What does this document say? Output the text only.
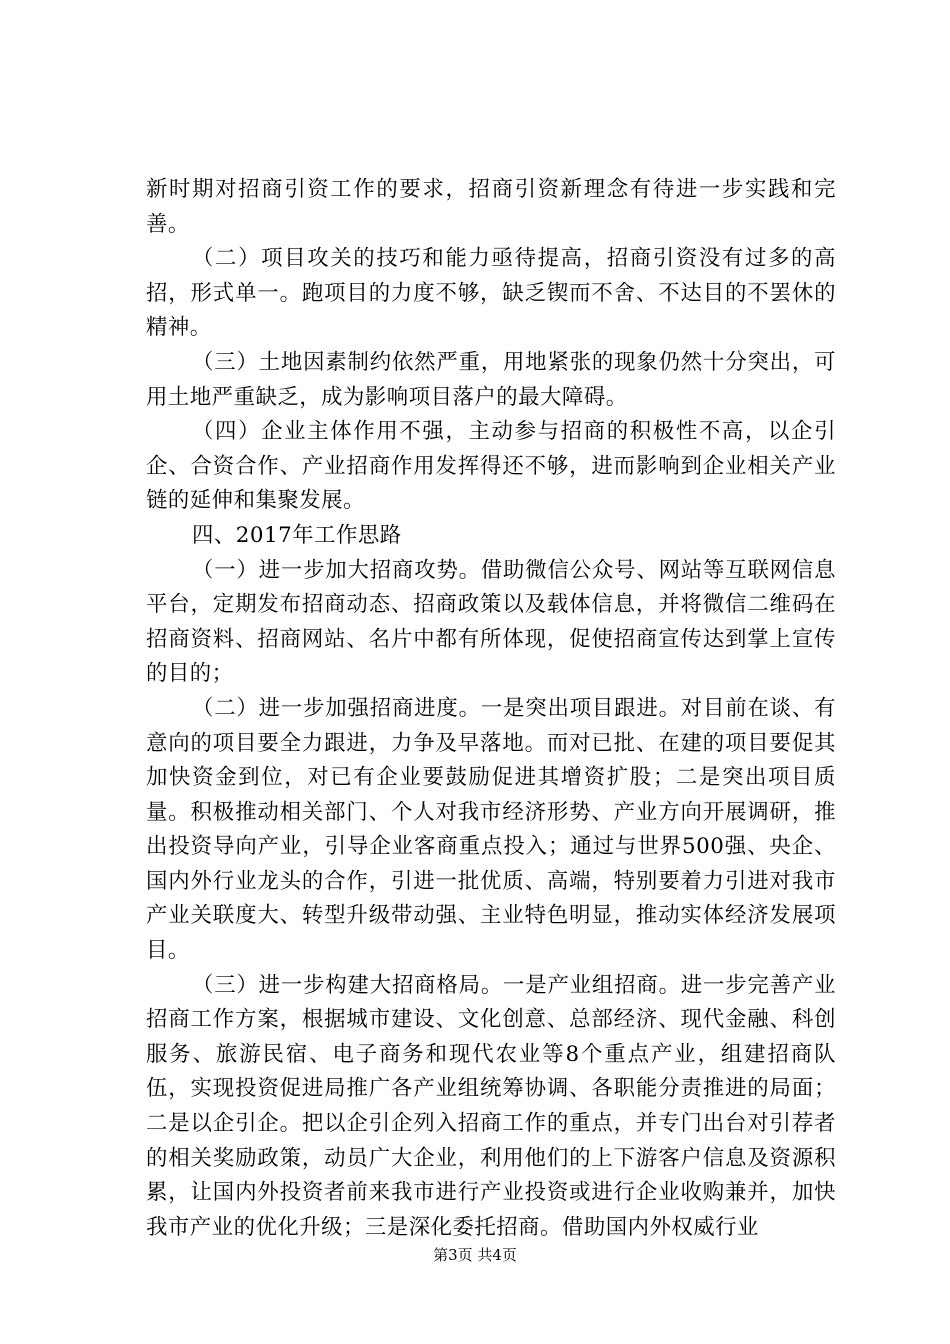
新时期对招商引资工作的要求，招商引资新理念有待进一步实践和完善。

（二）项目攻关的技巧和能力亟待提高，招商引资没有过多的高招，形式单一。跑项目的力度不够，缺乏锲而不舍、不达目的不罢休的精神。

（三）土地因素制约依然严重，用地紧张的现象仍然十分突出，可用土地严重缺乏，成为影响项目落户的最大障碍。

（四）企业主体作用不强，主动参与招商的积极性不高，以企引企、合资合作、产业招商作用发挥得还不够，进而影响到企业相关产业链的延伸和集聚发展。

四、2017年工作思路

（一）进一步加大招商攻势。借助微信公众号、网站等互联网信息平台，定期发布招商动态、招商政策以及载体信息，并将微信二维码在招商资料、招商网站、名片中都有所体现，促使招商宣传达到掌上宣传的目的；

（二）进一步加强招商进度。一是突出项目跟进。对目前在谈、有意向的项目要全力跟进，力争及早落地。而对已批、在建的项目要促其加快资金到位，对已有企业要鼓励促进其增资扩股；二是突出项目质量。积极推动相关部门、个人对我市经济形势、产业方向开展调研，推出投资导向产业，引导企业客商重点投入；通过与世界500强、央企、国内外行业龙头的合作，引进一批优质、高端，特别要着力引进对我市产业关联度大、转型升级带动强、主业特色明显，推动实体经济发展项目。

（三）进一步构建大招商格局。一是产业组招商。进一步完善产业招商工作方案，根据城市建设、文化创意、总部经济、现代金融、科创服务、旅游民宿、电子商务和现代农业等8个重点产业，组建招商队伍，实现投资促进局推广各产业组统筹协调、各职能分责推进的局面；二是以企引企。把以企引企列入招商工作的重点，并专门出台对引荐者的相关奖励政策，动员广大企业，利用他们的上下游客户信息及资源积累，让国内外投资者前来我市进行产业投资或进行企业收购兼并，加快我市产业的优化升级；三是深化委托招商。借助国内外权威行业

第3页 共4页
